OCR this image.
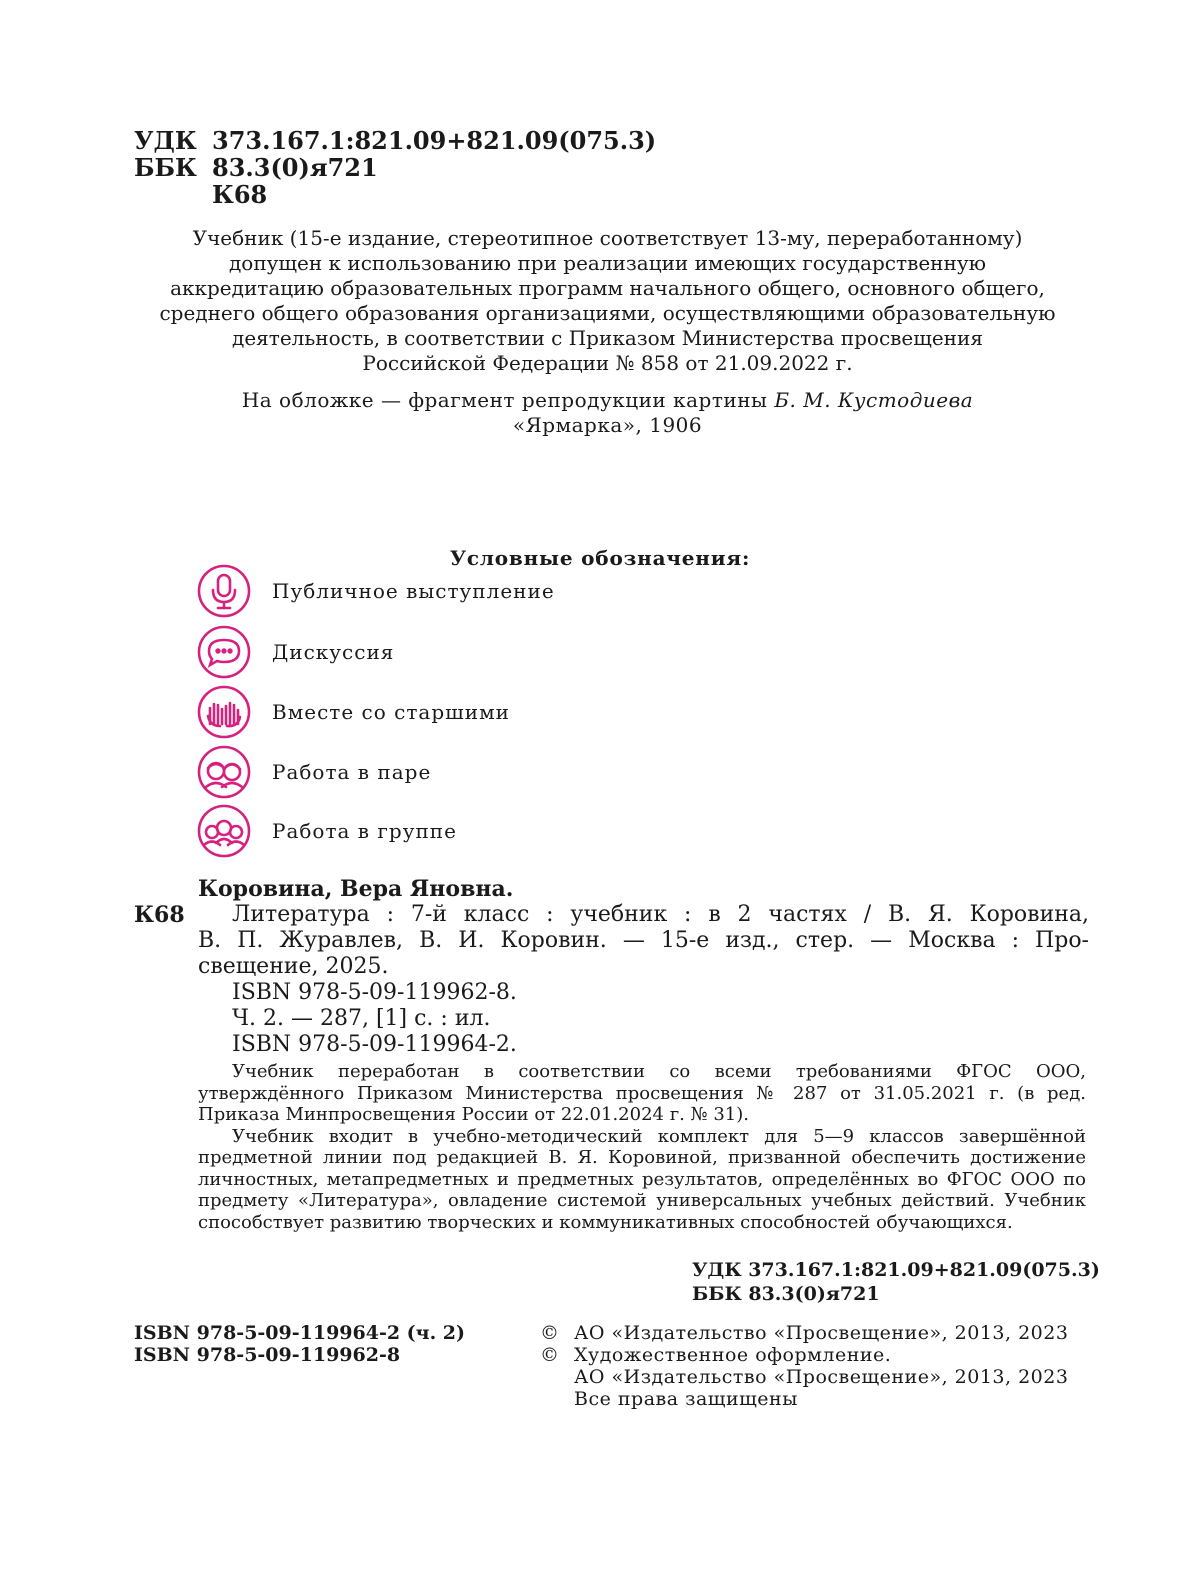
УДК 373.167.1:821.09+821.09(075.3)
ББК 83.3(0)я721
К68
Учебник (15-е издание, стереотипное соответствует 13-му, переработанному)
допущен к использованию при реализации имеющих государственную
аккредитацию образовательных программ начального общего, основного общего,
среднего общего образования организациями, осуществляющими образовательную
деятельность, в соответствии с Приказом Министерства просвещения
Российской Федерации № 858 от 21.09.2022 г.
На обложке — фрагмент репродукции картины Б. М. Кустодиева
«Ярмарка», 1906
Условные обозначения:
Публичное выступление
Дискуссия
Вместе со старшими
Работа в паре
Работа в группе
Коровина, Вера Яновна.
К68 Литература : 7-й класс : учебник : в 2 частях / В. Я. Коровина,
В. П. Журавлев, В. И. Коровин. — 15-е изд., стер. — Москва : Про-
свещение, 2025.
ISBN 978-5-09-119962-8.
Ч. 2. — 287, [1] с. : ил.
ISBN 978-5-09-119964-2.

Учебник переработан в соответствии со всеми требованиями ФГОС ООО, утверждённого Приказом Министерства просвещения № 287 от 31.05.2021 г. (в ред. Приказа Минпросвещения России от 22.01.2024 г. № 31).

Учебник входит в учебно-методический комплект для 5—9 классов завершённой предметной линии под редакцией В. Я. Коровиной, призванной обеспечить достижение личностных, метапредметных и предметных результатов, определённых во ФГОС ООО по предмету «Литература», овладение системой универсальных учебных действий. Учебник способствует развитию творческих и коммуникативных способностей обучающихся.

УДК 373.167.1:821.09+821.09(075.3)
ББК 83.3(0)я721
ISBN 978-5-09-119964-2 (ч. 2)
ISBN 978-5-09-119962-8
© АО «Издательство «Просвещение», 2013, 2023
© Художественное оформление.
АО «Издательство «Просвещение», 2013, 2023
Все права защищены
